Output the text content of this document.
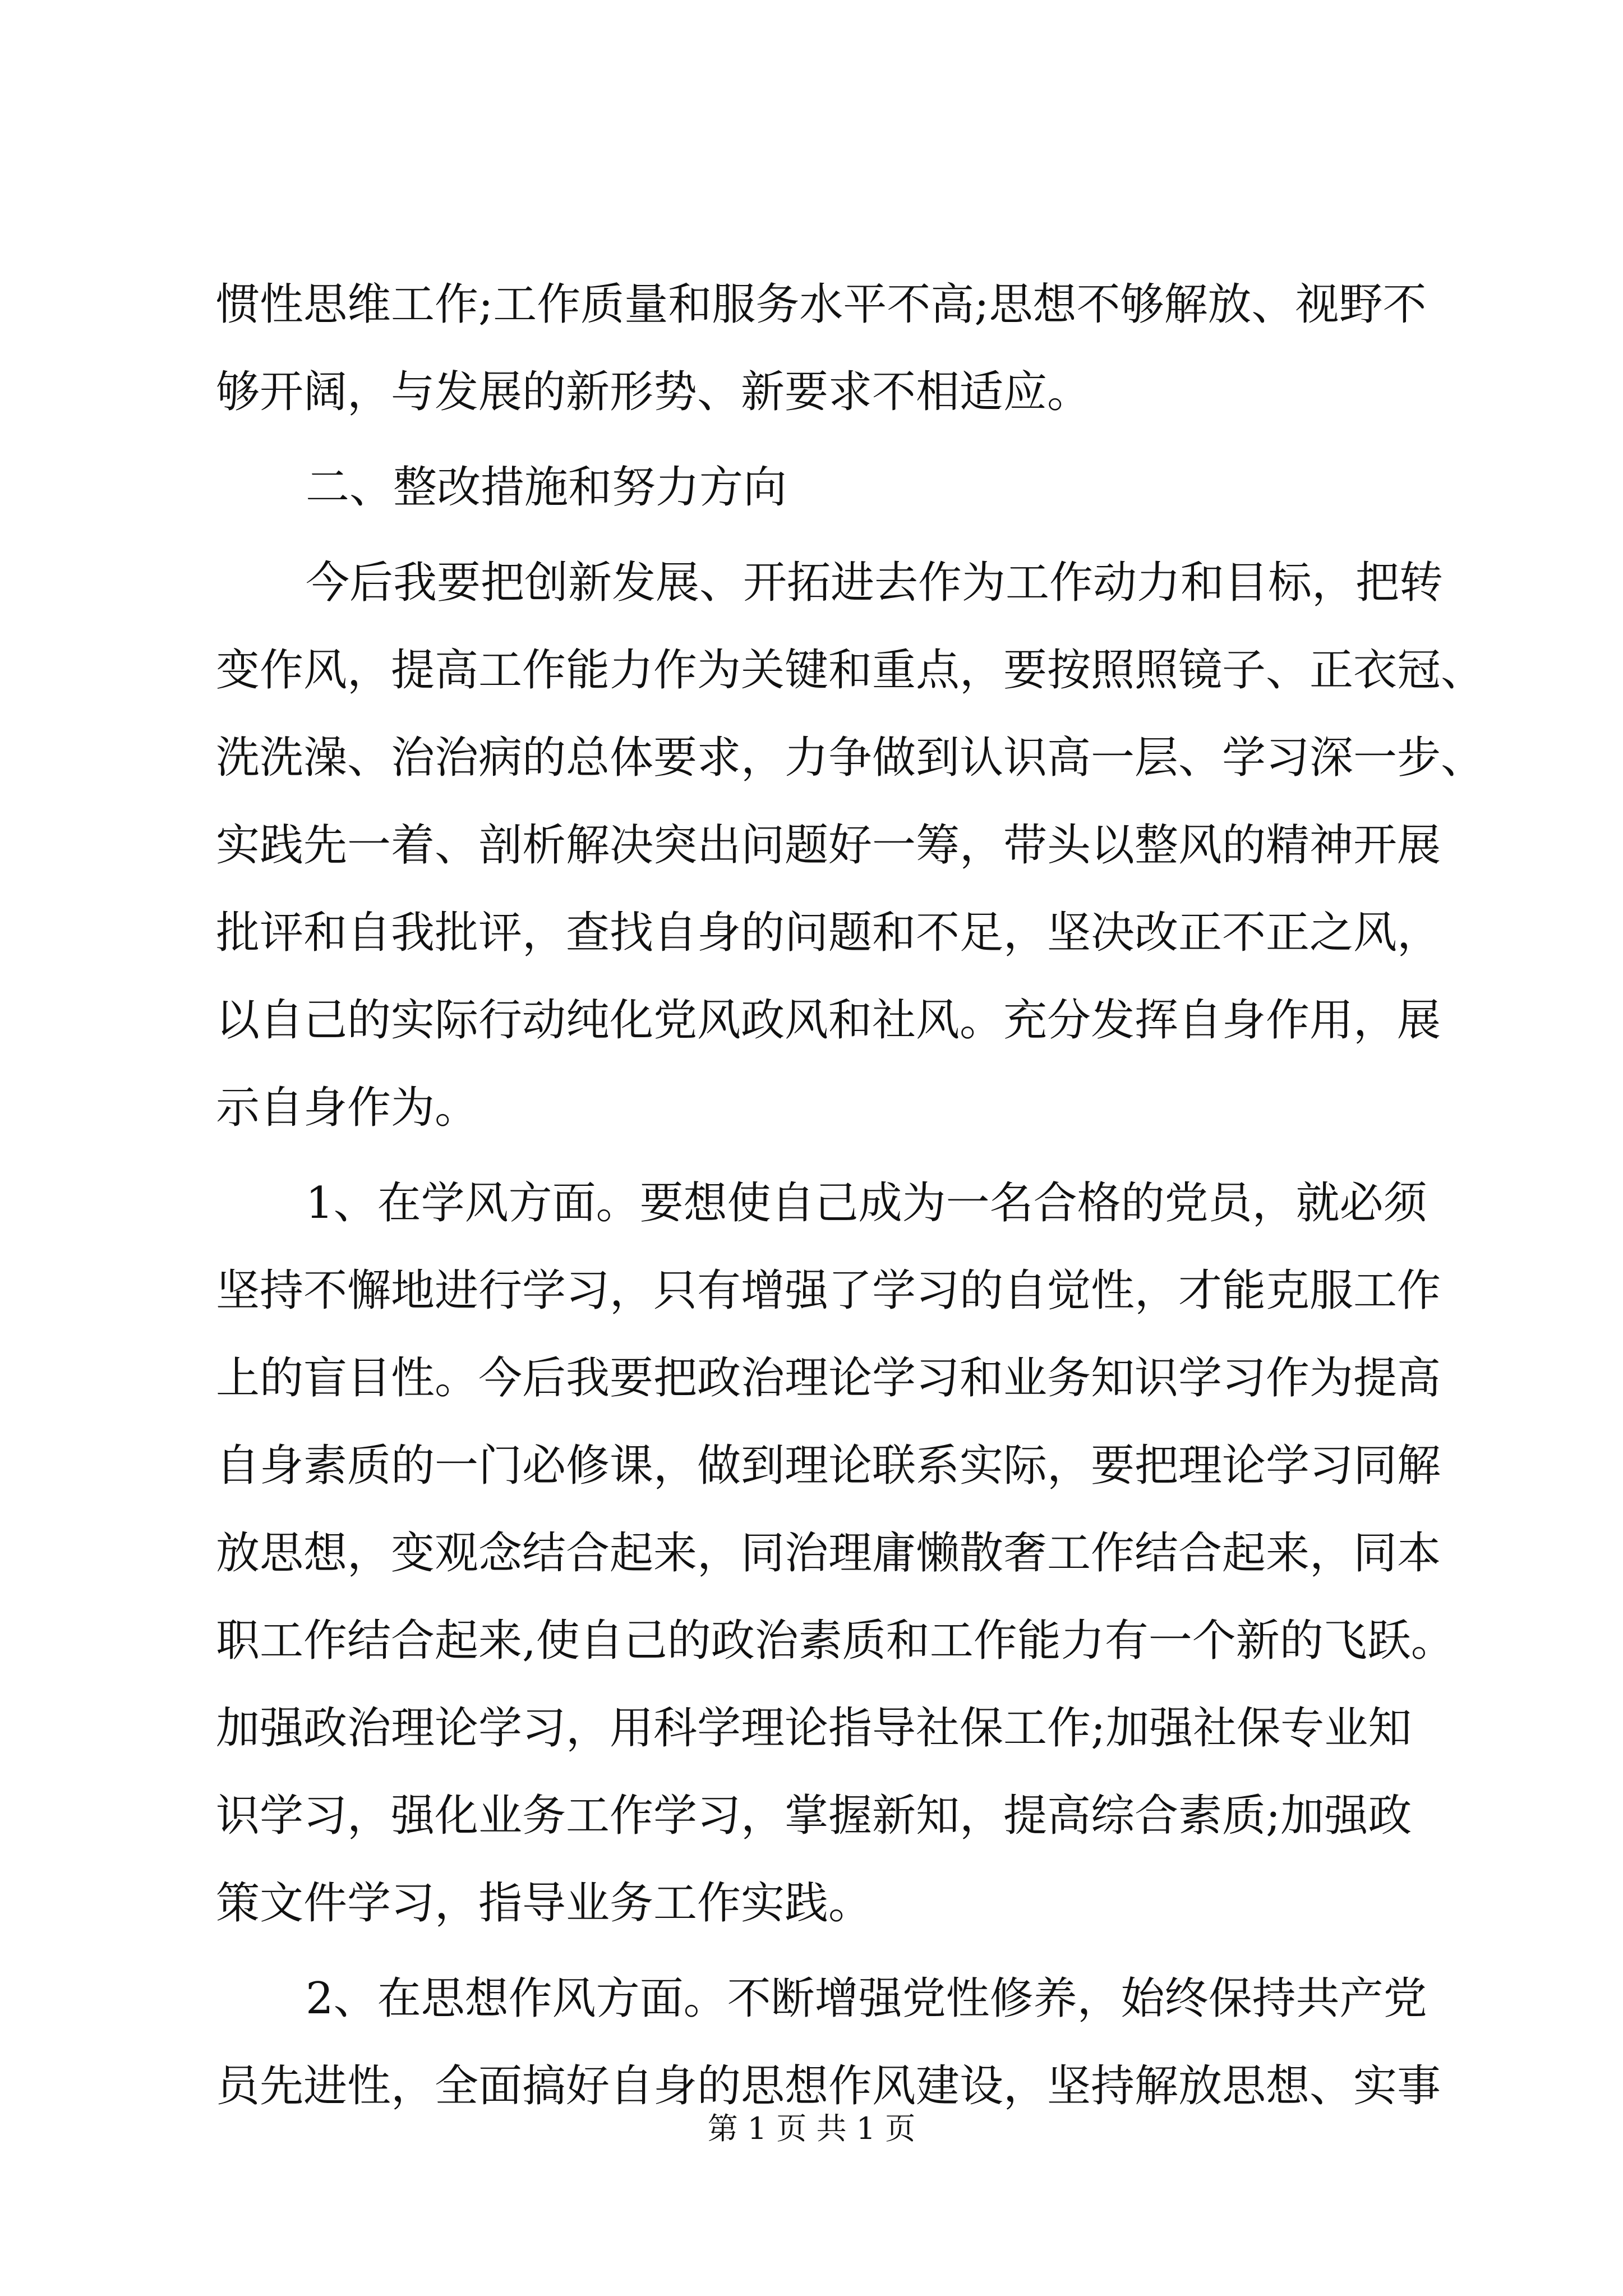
惯性思维工作;工作质量和服务水平不高;思想不够解放、视野不
够开阔，与发展的新形势、新要求不相适应。
二、整改措施和努力方向
今后我要把创新发展、开拓进去作为工作动力和目标，把转
变作风，提高工作能力作为关键和重点，要按照照镜子、正衣冠、
洗洗澡、治治病的总体要求，力争做到认识高一层、学习深一步、
实践先一着、剖析解决突出问题好一筹，带头以整风的精神开展
批评和自我批评，查找自身的问题和不足，坚决改正不正之风，
以自己的实际行动纯化党风政风和社风。充分发挥自身作用，展
示自身作为。
1、在学风方面。要想使自己成为一名合格的党员，就必须
坚持不懈地进行学习，只有增强了学习的自觉性，才能克服工作
上的盲目性。今后我要把政治理论学习和业务知识学习作为提高
自身素质的一门必修课，做到理论联系实际，要把理论学习同解
放思想，变观念结合起来，同治理庸懒散奢工作结合起来，同本
职工作结合起来,使自己的政治素质和工作能力有一个新的飞跃。
加强政治理论学习，用科学理论指导社保工作;加强社保专业知
识学习，强化业务工作学习，掌握新知，提高综合素质;加强政
策文件学习，指导业务工作实践。
2、在思想作风方面。不断增强党性修养，始终保持共产党
员先进性，全面搞好自身的思想作风建设，坚持解放思想、实事
第 1 页 共 1 页
